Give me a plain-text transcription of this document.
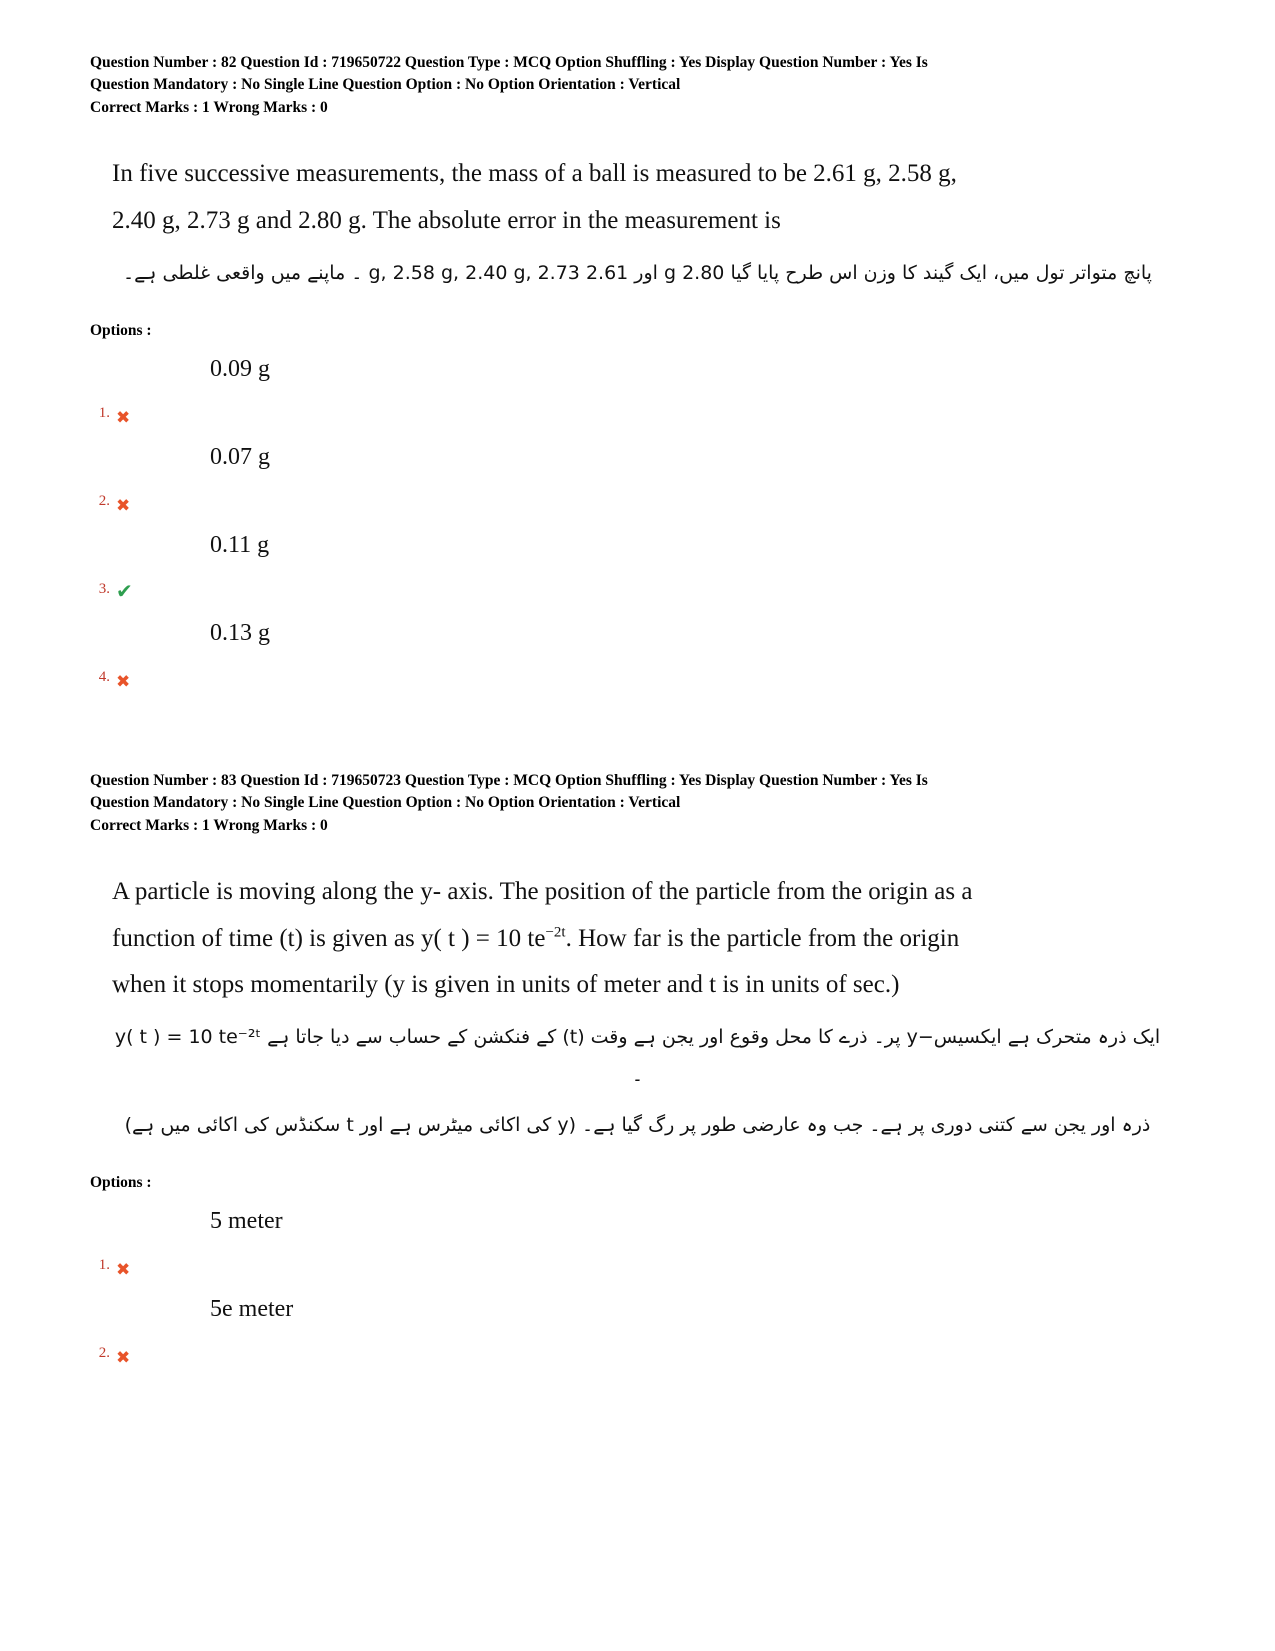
Question Number : 82 Question Id : 719650722 Question Type : MCQ Option Shuffling : Yes Display Question Number : Yes Is
Question Mandatory : No Single Line Question Option : No Option Orientation : Vertical
Correct Marks : 1 Wrong Marks : 0
In five successive measurements, the mass of a ball is measured to be 2.61 g, 2.58 g,
2.40 g, 2.73 g and 2.80 g. The absolute error in the measurement is
پانچ متواتر تول میں، ایک گیند کا وزن اس طرح پایا گیا 2.80 g اور 2.61 g, 2.58 g, 2.40 g, 2.73 ۔ ماپنے میں واقعی غلطی ہے۔
Options :
0.09 g
1. ✖
0.07 g
2. ✖
0.11 g
3. ✔
0.13 g
4. ✖
Question Number : 83 Question Id : 719650723 Question Type : MCQ Option Shuffling : Yes Display Question Number : Yes Is
Question Mandatory : No Single Line Question Option : No Option Orientation : Vertical
Correct Marks : 1 Wrong Marks : 0
A particle is moving along the y- axis. The position of the particle from the origin as a
function of time (t) is given as y( t ) = 10 $te^{-2t}$. How far is the particle from the origin
when it stops momentarily (y is given in units of meter and t is in units of sec.)
ایک ذرہ متحرک ہے ایکسیس−y پر۔ ذرے کا محل وقوع اور یجن ہے وقت (t) کے فنکشن کے حساب سے دیا جاتا ہے y( t ) = 10 te⁻²ᵗ ۔
ذرہ اور یجن سے کتنی دوری پر ہے۔ جب وہ عارضی طور پر رگ گیا ہے۔ (y کی اکائی میٹرس ہے اور t سکنڈس کی اکائی میں ہے)
Options :
5 meter
1. ✖
5e meter
2. ✖
